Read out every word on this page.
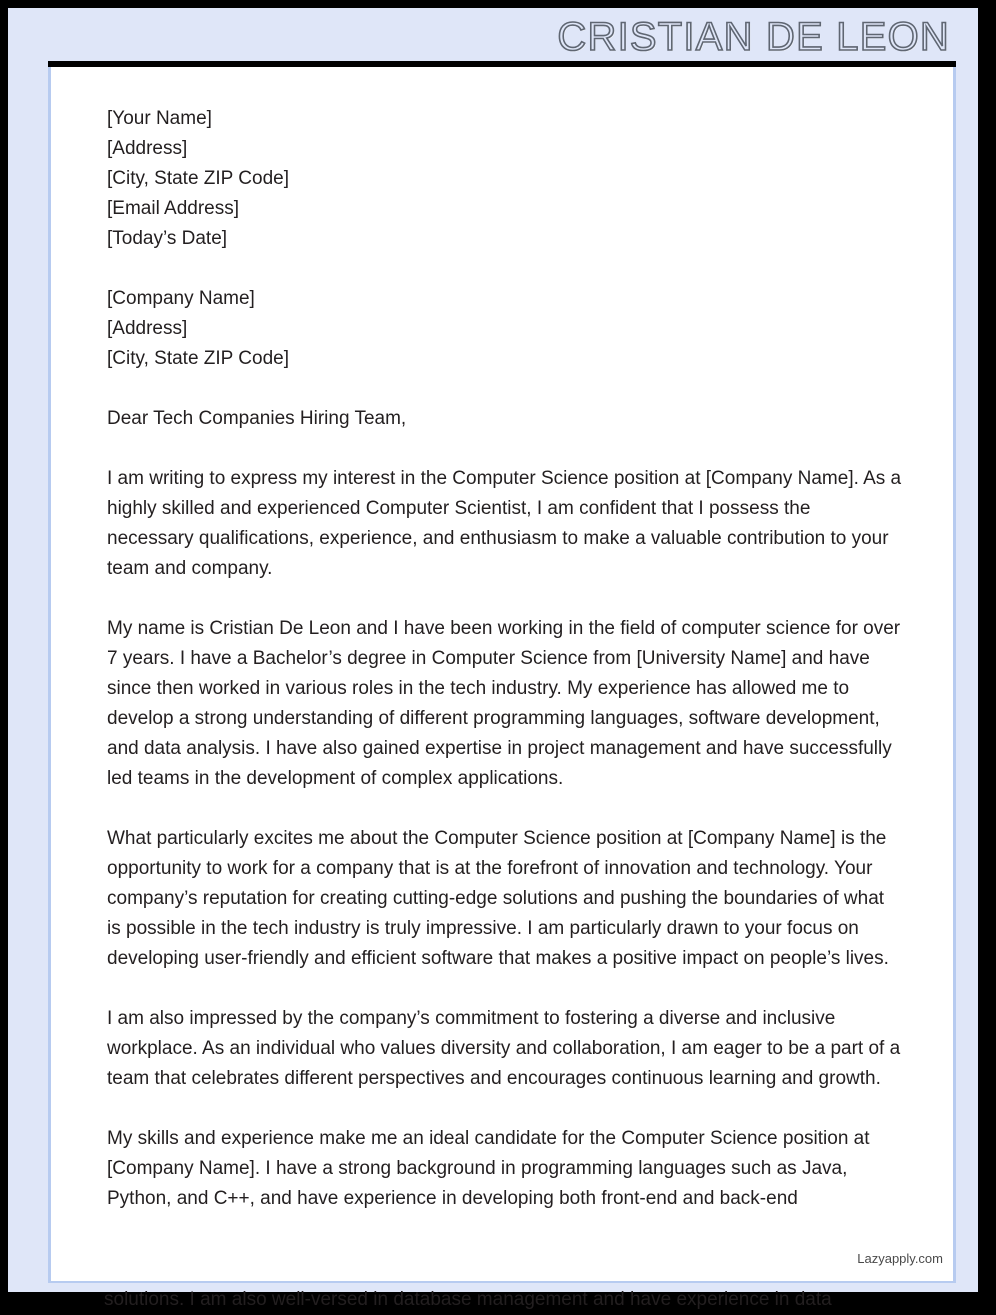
CRISTIAN DE LEON
[Your Name]
[Address]
[City, State ZIP Code]
[Email Address]
[Today’s Date]
[Company Name]
[Address]
[City, State ZIP Code]

Dear Tech Companies Hiring Team,

I am writing to express my interest in the Computer Science position at [Company Name]. As a highly skilled and experienced Computer Scientist, I am confident that I possess the necessary qualifications, experience, and enthusiasm to make a valuable contribution to your team and company.

My name is Cristian De Leon and I have been working in the field of computer science for over 7 years. I have a Bachelor’s degree in Computer Science from [University Name] and have since then worked in various roles in the tech industry. My experience has allowed me to develop a strong understanding of different programming languages, software development, and data analysis. I have also gained expertise in project management and have successfully led teams in the development of complex applications.

What particularly excites me about the Computer Science position at [Company Name] is the opportunity to work for a company that is at the forefront of innovation and technology. Your company’s reputation for creating cutting-edge solutions and pushing the boundaries of what is possible in the tech industry is truly impressive. I am particularly drawn to your focus on developing user-friendly and efficient software that makes a positive impact on people’s lives.

I am also impressed by the company’s commitment to fostering a diverse and inclusive workplace. As an individual who values diversity and collaboration, I am eager to be a part of a team that celebrates different perspectives and encourages continuous learning and growth.

My skills and experience make me an ideal candidate for the Computer Science position at [Company Name]. I have a strong background in programming languages such as Java, Python, and C++, and have experience in developing both front-end and back-end

Lazyapply.com
solutions. I am also well-versed in database management and have experience in data
